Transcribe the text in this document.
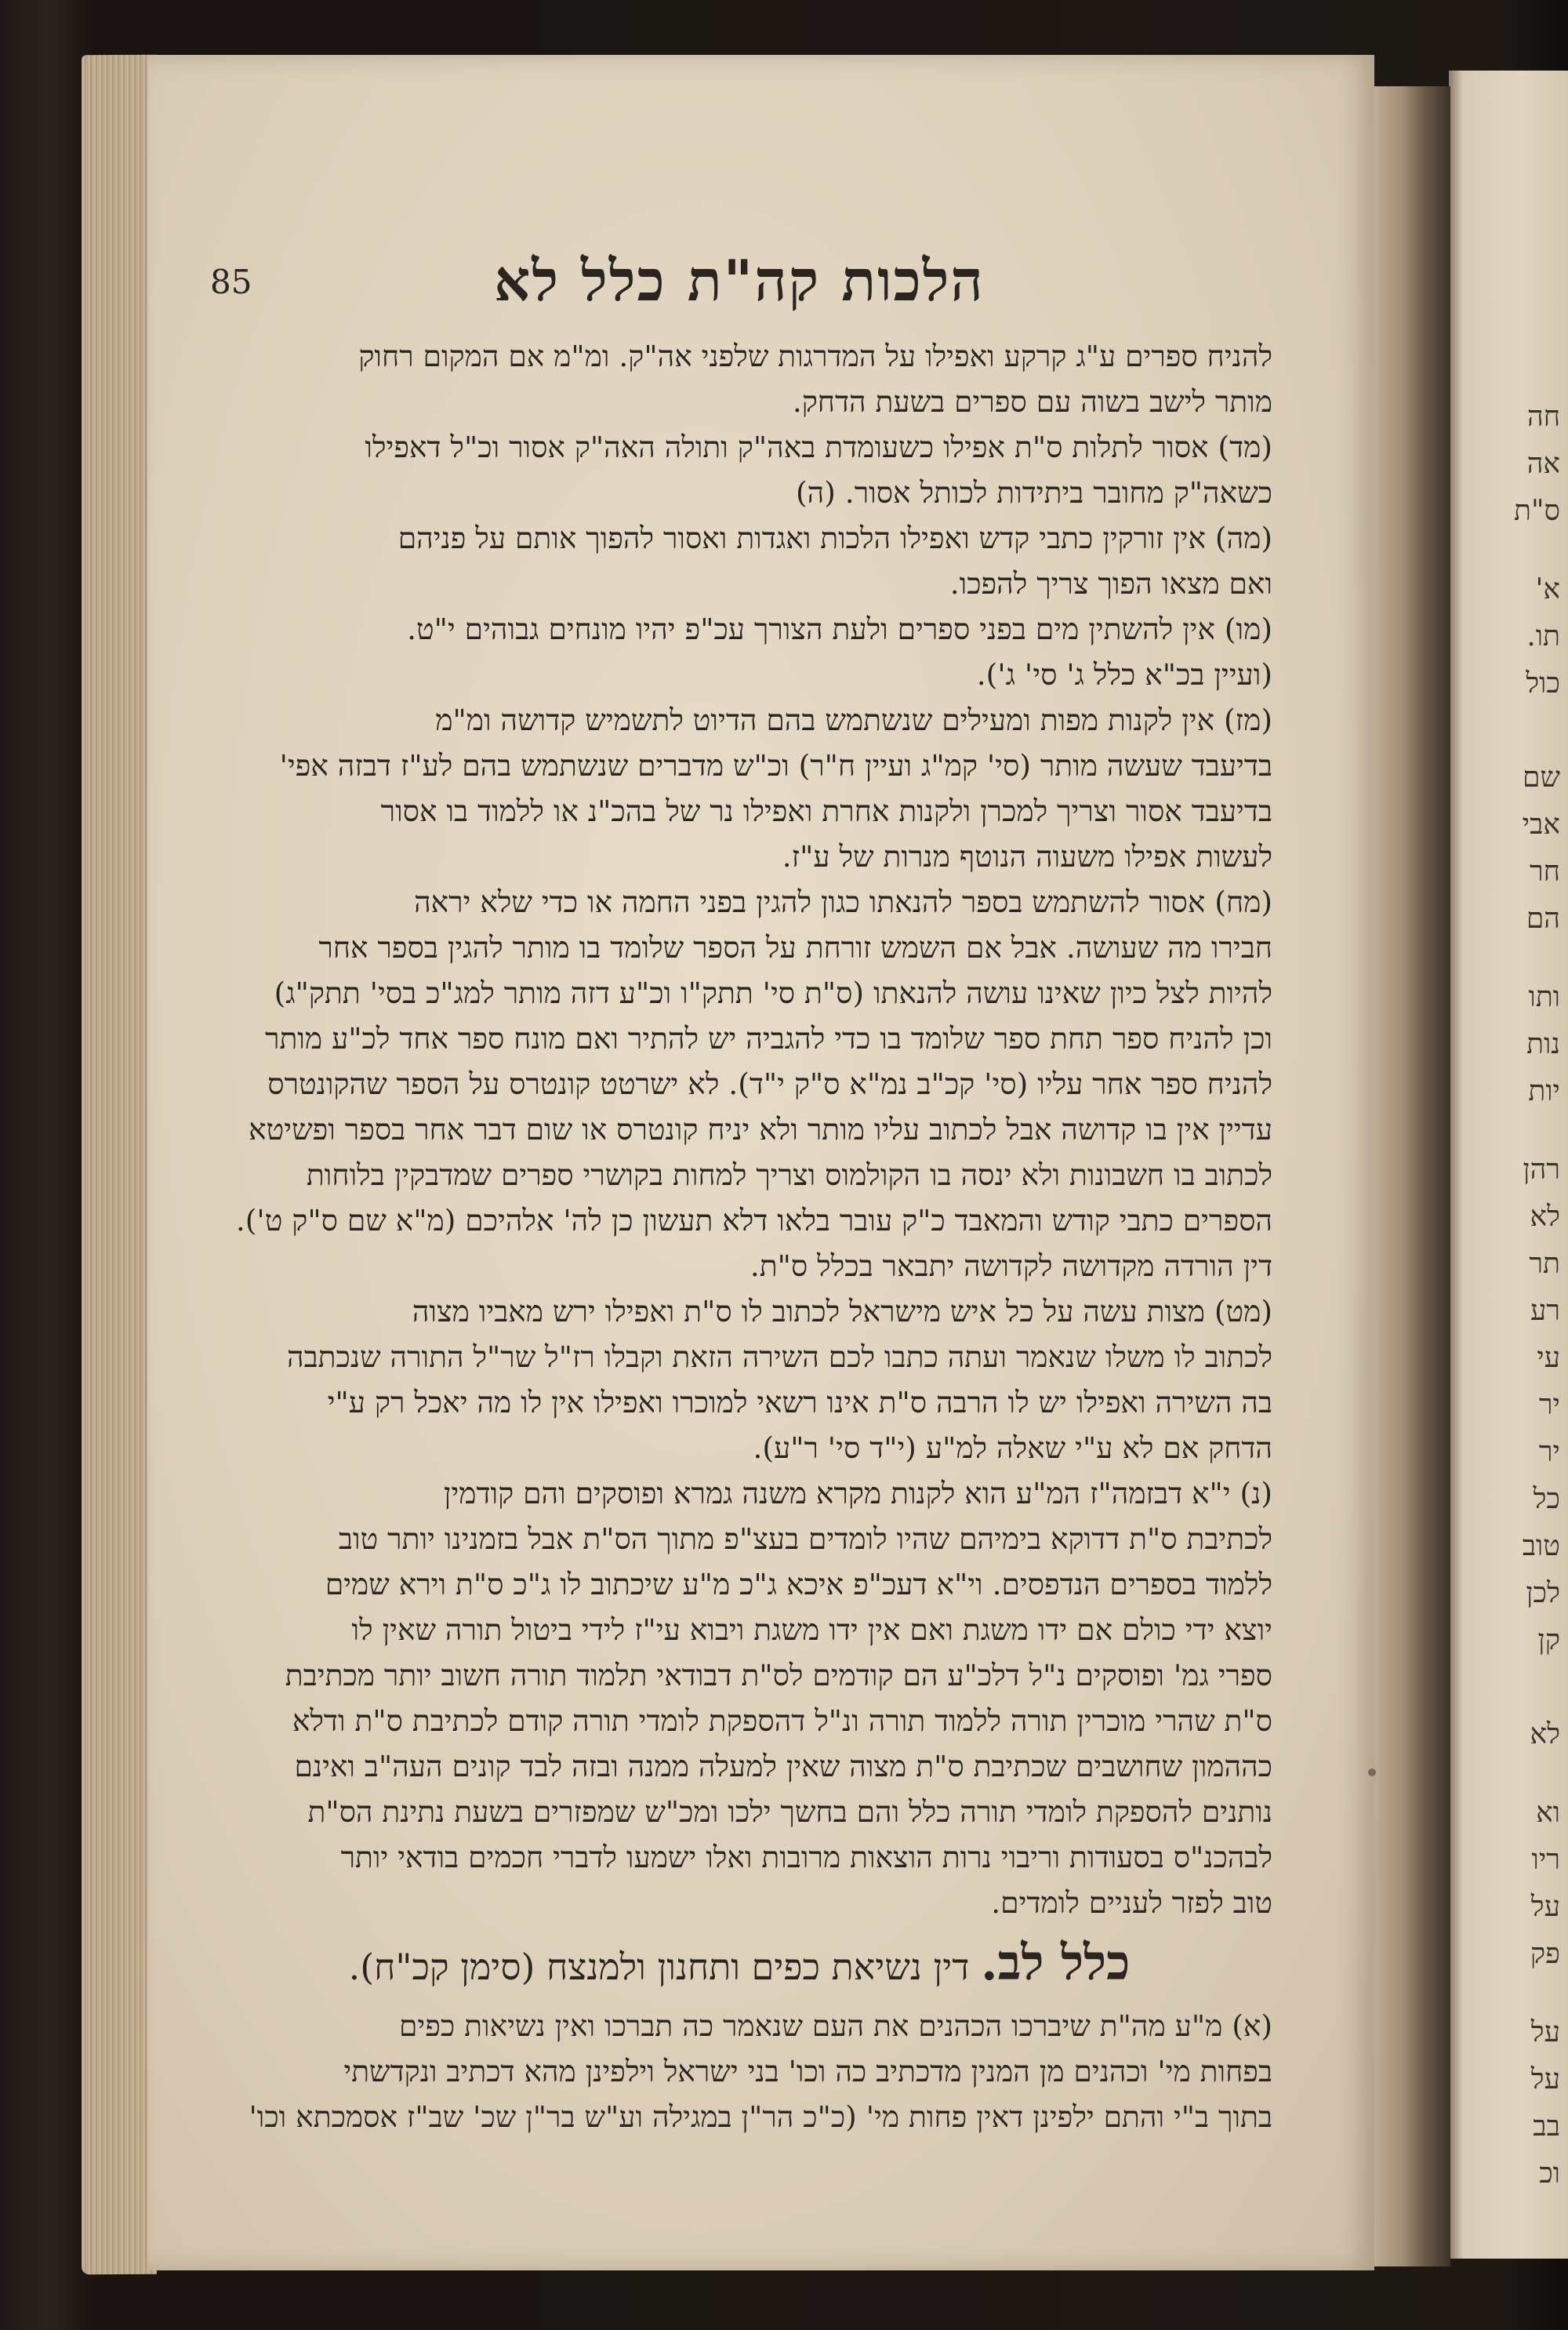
חה
אה
ס"ת
א'
תו.
כול
שם
אבי
חר
הם
ותו
נות
יות
רהן
לא
תר
רע
עי
יר
יר
כל
טוב
לכן
קן
לא
וא
ריו
על
פק
על
על
בב
וכ
85	הלכות קה"ת כלל לא

להניח ספרים ע"ג קרקע ואפילו על המדרגות שלפני אה"ק. ומ"מ אם המקום רחוק
מותר לישב בשוה עם ספרים בשעת הדחק.

(מד) אסור לתלות ס"ת אפילו כשעומדת באה"ק ותולה האה"ק אסור וכ"ל דאפילו
כשאה"ק מחובר ביתידות לכותל אסור. (ה)

(מה) אין זורקין כתבי קדש ואפילו הלכות ואגדות ואסור להפוך אותם על פניהם
ואם מצאו הפוך צריך להפכו.

(מו) אין להשתין מים בפני ספרים ולעת הצורך עכ"פ יהיו מונחים גבוהים י"ט.
(ועיין בכ"א כלל ג' סי' ג').

(מז) אין לקנות מפות ומעילים שנשתמש בהם הדיוט לתשמיש קדושה ומ"מ
בדיעבד שעשה מותר (סי' קמ"ג ועיין ח"ר) וכ"ש מדברים שנשתמש בהם לע"ז דבזה אפי'
בדיעבד אסור וצריך למכרן ולקנות אחרת ואפילו נר של בהכ"נ או ללמוד בו אסור
לעשות אפילו משעוה הנוטף מנרות של ע"ז.

(מח) אסור להשתמש בספר להנאתו כגון להגין בפני החמה או כדי שלא יראה
חבירו מה שעושה. אבל אם השמש זורחת על הספר שלומד בו מותר להגין בספר אחר
להיות לצל כיון שאינו עושה להנאתו (ס"ת סי' תתק"ו וכ"ע דזה מותר למג"כ בסי' תתק"ג)
וכן להניח ספר תחת ספר שלומד בו כדי להגביה יש להתיר ואם מונח ספר אחד לכ"ע מותר
להניח ספר אחר עליו (סי' קכ"ב נמ"א ס"ק י"ד). לא ישרטט קונטרס על הספר שהקונטרס
עדיין אין בו קדושה אבל לכתוב עליו מותר ולא יניח קונטרס או שום דבר אחר בספר ופשיטא
לכתוב בו חשבונות ולא ינסה בו הקולמוס וצריך למחות בקושרי ספרים שמדבקין בלוחות
הספרים כתבי קודש והמאבד כ"ק עובר בלאו דלא תעשון כן לה' אלהיכם (מ"א שם ס"ק ט').

דין הורדה מקדושה לקדושה יתבאר בכלל ס"ת.

(מט) מצות עשה על כל איש מישראל לכתוב לו ס"ת ואפילו ירש מאביו מצוה
לכתוב לו משלו שנאמר ועתה כתבו לכם השירה הזאת וקבלו רז"ל שר"ל התורה שנכתבה
בה השירה ואפילו יש לו הרבה ס"ת אינו רשאי למוכרו ואפילו אין לו מה יאכל רק ע"י
הדחק אם לא ע"י שאלה למ"ע (י"ד סי' ר"ע).

(נ) י"א דבזמה"ז המ"ע הוא לקנות מקרא משנה גמרא ופוסקים והם קודמין
לכתיבת ס"ת דדוקא בימיהם שהיו לומדים בעצ"פ מתוך הס"ת אבל בזמנינו יותר טוב
ללמוד בספרים הנדפסים. וי"א דעכ"פ איכא ג"כ מ"ע שיכתוב לו ג"כ ס"ת וירא שמים
יוצא ידי כולם אם ידו משגת ואם אין ידו משגת ויבוא עי"ז לידי ביטול תורה שאין לו
ספרי גמ' ופוסקים נ"ל דלכ"ע הם קודמים לס"ת דבודאי תלמוד תורה חשוב יותר מכתיבת
ס"ת שהרי מוכרין תורה ללמוד תורה ונ"ל דהספקת לומדי תורה קודם לכתיבת ס"ת ודלא
כההמון שחושבים שכתיבת ס"ת מצוה שאין למעלה ממנה ובזה לבד קונים העה"ב ואינם
נותנים להספקת לומדי תורה כלל והם בחשך ילכו ומכ"ש שמפזרים בשעת נתינת הס"ת
לבהכנ"ס בסעודות וריבוי נרות הוצאות מרובות ואלו ישמעו לדברי חכמים בודאי יותר
טוב לפזר לעניים לומדים.

כלל לב. דין נשיאת כפים ותחנון ולמנצח (סימן קכ"ח).

(א) מ"ע מה"ת שיברכו הכהנים את העם שנאמר כה תברכו ואין נשיאות כפים
בפחות מי' וכהנים מן המנין מדכתיב כה וכו' בני ישראל וילפינן מהא דכתיב ונקדשתי
בתוך ב"י והתם ילפינן דאין פחות מי' (כ"כ הר"ן במגילה וע"ש בר"ן שכ' שב"ז אסמכתא וכו'
